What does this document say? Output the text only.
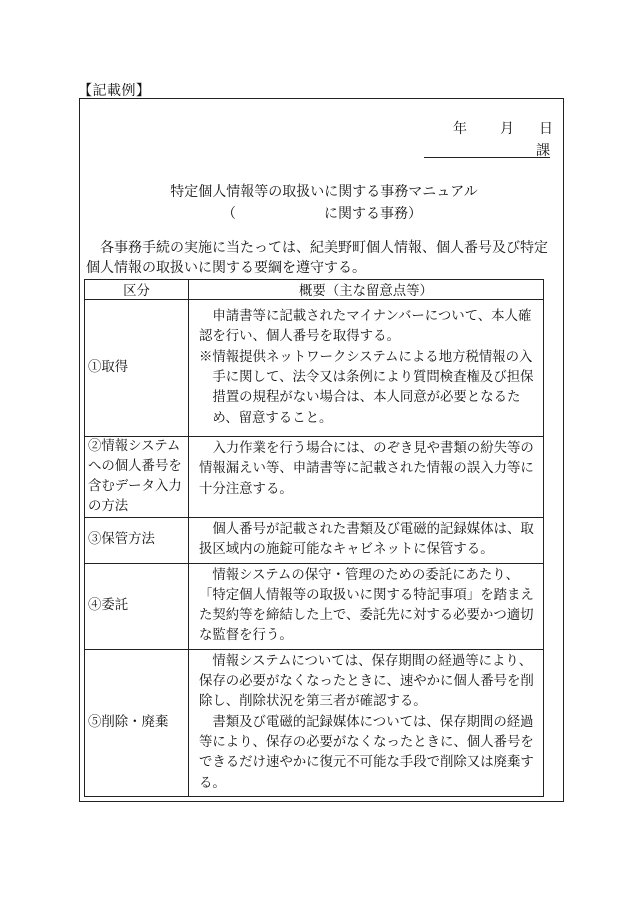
【記載例】
年 月 日
課
特定個人情報等の取扱いに関する事務マニュアル
（	に関する事務）

各事務手続の実施に当たっては、紀美野町個人情報、個人番号及び特定

個人情報の取扱いに関する要綱を遵守する。

区分	概要（主な留意点等）
①取得	申請書等に記載されたマイナンバーについて、本人確認を行い、個人番号を取得する。
※情報提供ネットワークシステムによる地方税情報の入手に関して、法令又は条例により質問検査権及び担保措置の規程がない場合は、本人同意が必要となるため、留意すること。

②情報システムへの個人番号を含むデータ入力の方法	入力作業を行う場合には、のぞき見や書類の紛失等の情報漏えい等、申請書等に記載された情報の誤入力等に十分注意する。

③保管方法	個人番号が記載された書類及び電磁的記録媒体は、取扱区域内の施錠可能なキャビネットに保管する。

④委託	情報システムの保守・管理のための委託にあたり、「特定個人情報等の取扱いに関する特記事項」を踏まえた契約等を締結した上で、委託先に対する必要かつ適切な監督を行う。

⑤削除・廃棄	情報システムについては、保存期間の経過等により、保存の必要がなくなったときに、速やかに個人番号を削除し、削除状況を第三者が確認する。
書類及び電磁的記録媒体については、保存期間の経過等により、保存の必要がなくなったときに、個人番号をできるだけ速やかに復元不可能な手段で削除又は廃棄する。
